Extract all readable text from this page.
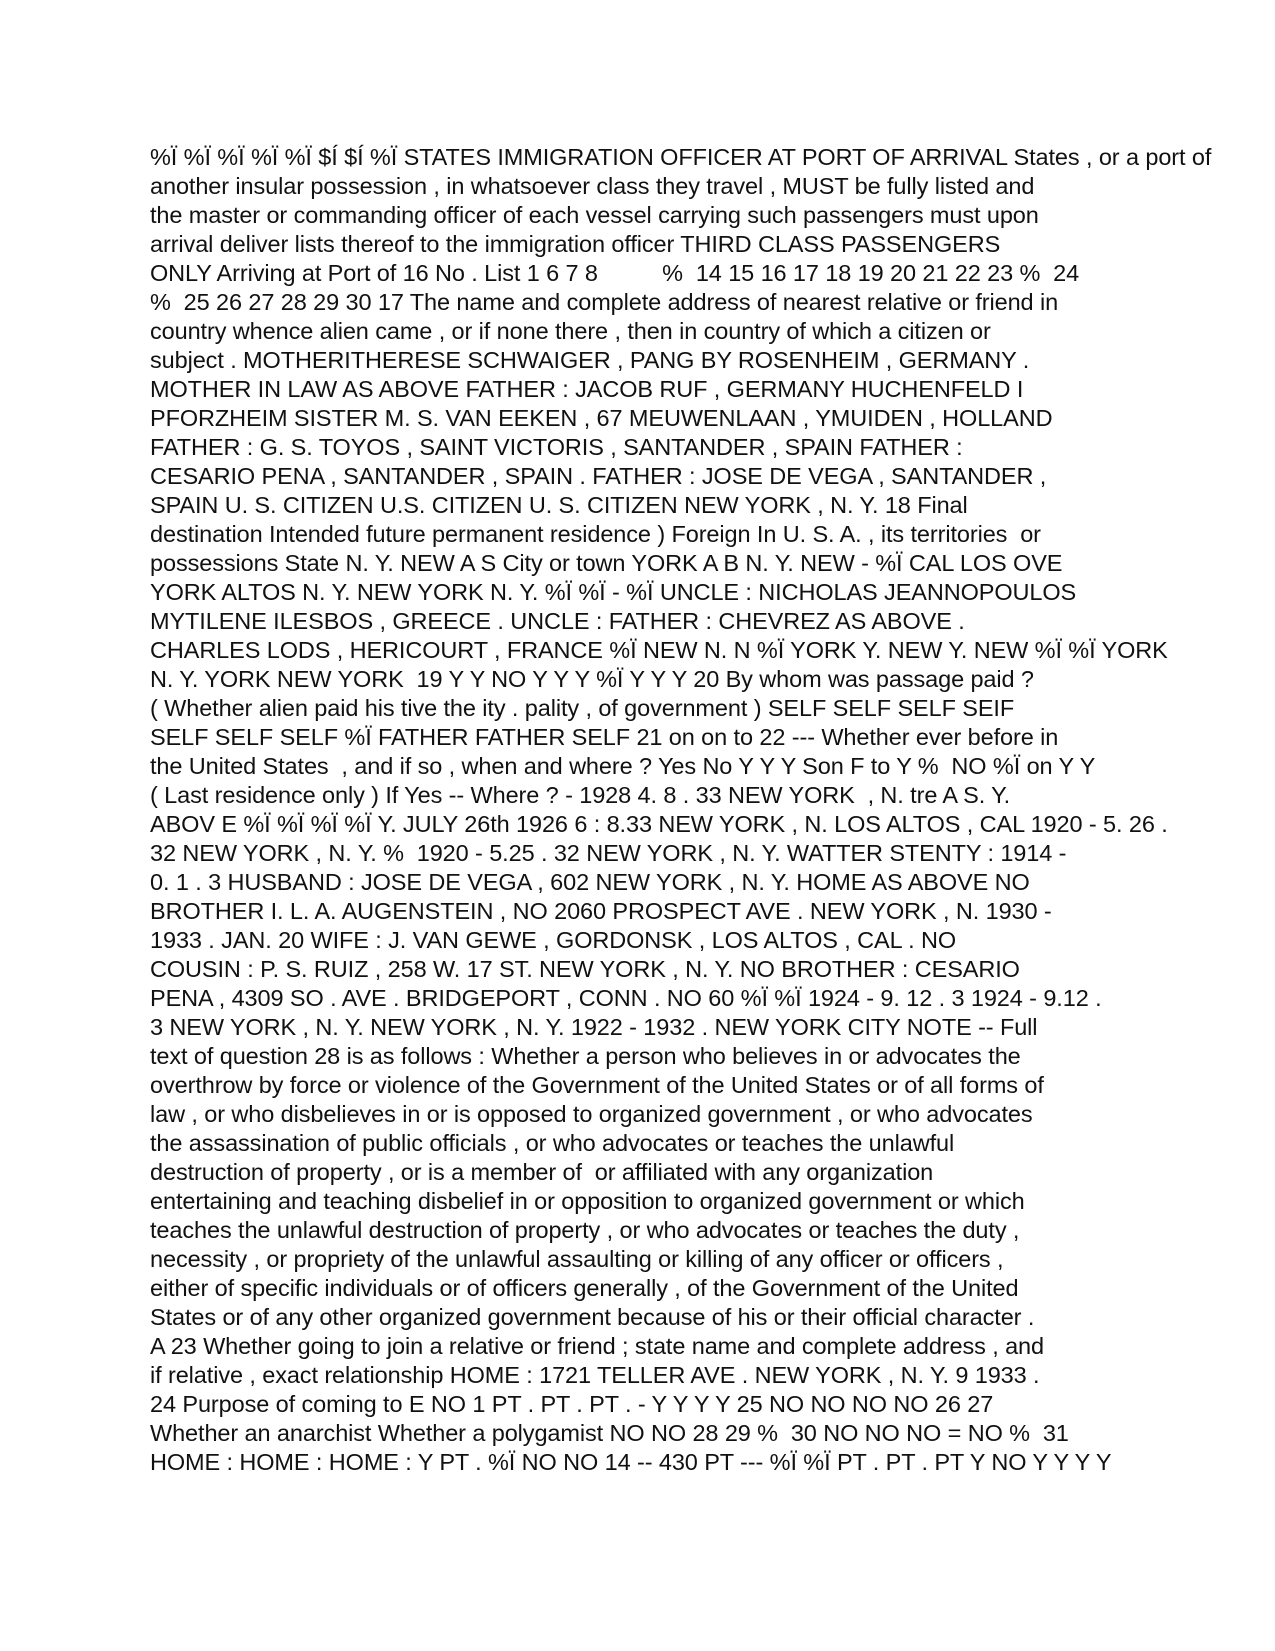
%Ï %Ï %Ï %Ï %Ï $Í $Í %Ï STATES IMMIGRATION OFFICER AT PORT OF ARRIVAL States , or a port of
another insular possession , in whatsoever class they travel , MUST be fully listed and
the master or commanding officer of each vessel carrying such passengers must upon
arrival deliver lists thereof to the immigration officer THIRD CLASS PASSENGERS
ONLY Arriving at Port of 16 No . List 1 6 7 8          %  14 15 16 17 18 19 20 21 22 23 %  24
%  25 26 27 28 29 30 17 The name and complete address of nearest relative or friend in
country whence alien came , or if none there , then in country of which a citizen or
subject . MOTHERITHERESE SCHWAIGER , PANG BY ROSENHEIM , GERMANY .
MOTHER IN LAW AS ABOVE FATHER : JACOB RUF , GERMANY HUCHENFELD I
PFORZHEIM SISTER M. S. VAN EEKEN , 67 MEUWENLAAN , YMUIDEN , HOLLAND
FATHER : G. S. TOYOS , SAINT VICTORIS , SANTANDER , SPAIN FATHER :
CESARIO PENA , SANTANDER , SPAIN . FATHER : JOSE DE VEGA , SANTANDER ,
SPAIN U. S. CITIZEN U.S. CITIZEN U. S. CITIZEN NEW YORK , N. Y. 18 Final
destination Intended future permanent residence ) Foreign In U. S. A. , its territories  or
possessions State N. Y. NEW A S City or town YORK A B N. Y. NEW - %Ï CAL LOS OVE
YORK ALTOS N. Y. NEW YORK N. Y. %Ï %Ï - %Ï UNCLE : NICHOLAS JEANNOPOULOS
MYTILENE ILESBOS , GREECE . UNCLE : FATHER : CHEVREZ AS ABOVE .
CHARLES LODS , HERICOURT , FRANCE %Ï NEW N. N %Ï YORK Y. NEW Y. NEW %Ï %Ï YORK
N. Y. YORK NEW YORK  19 Y Y NO Y Y Y %Ï Y Y Y 20 By whom was passage paid ?
( Whether alien paid his tive the ity . pality , of government ) SELF SELF SELF SEIF
SELF SELF SELF %Ï FATHER FATHER SELF 21 on on to 22 --- Whether ever before in
the United States  , and if so , when and where ? Yes No Y Y Y Son F to Y %  NO %Ï on Y Y
( Last residence only ) If Yes -- Where ? - 1928 4. 8 . 33 NEW YORK  , N. tre A S. Y.
ABOV E %Ï %Ï %Ï %Ï Y. JULY 26th 1926 6 : 8.33 NEW YORK , N. LOS ALTOS , CAL 1920 - 5. 26 .
32 NEW YORK , N. Y. %  1920 - 5.25 . 32 NEW YORK , N. Y. WATTER STENTY : 1914 -
0. 1 . 3 HUSBAND : JOSE DE VEGA , 602 NEW YORK , N. Y. HOME AS ABOVE NO
BROTHER I. L. A. AUGENSTEIN , NO 2060 PROSPECT AVE . NEW YORK , N. 1930 -
1933 . JAN. 20 WIFE : J. VAN GEWE , GORDONSK , LOS ALTOS , CAL . NO
COUSIN : P. S. RUIZ , 258 W. 17 ST. NEW YORK , N. Y. NO BROTHER : CESARIO
PENA , 4309 SO . AVE . BRIDGEPORT , CONN . NO 60 %Ï %Ï 1924 - 9. 12 . 3 1924 - 9.12 .
3 NEW YORK , N. Y. NEW YORK , N. Y. 1922 - 1932 . NEW YORK CITY NOTE -- Full
text of question 28 is as follows : Whether a person who believes in or advocates the
overthrow by force or violence of the Government of the United States or of all forms of
law , or who disbelieves in or is opposed to organized government , or who advocates
the assassination of public officials , or who advocates or teaches the unlawful
destruction of property , or is a member of  or affiliated with any organization
entertaining and teaching disbelief in or opposition to organized government or which
teaches the unlawful destruction of property , or who advocates or teaches the duty ,
necessity , or propriety of the unlawful assaulting or killing of any officer or officers ,
either of specific individuals or of officers generally , of the Government of the United
States or of any other organized government because of his or their official character .
A 23 Whether going to join a relative or friend ; state name and complete address , and
if relative , exact relationship HOME : 1721 TELLER AVE . NEW YORK , N. Y. 9 1933 .
24 Purpose of coming to E NO 1 PT . PT . PT . - Y Y Y Y 25 NO NO NO NO 26 27
Whether an anarchist Whether a polygamist NO NO 28 29 %  30 NO NO NO = NO %  31
HOME : HOME : HOME : Y PT . %Ï NO NO 14 -- 430 PT --- %Ï %Ï PT . PT . PT Y NO Y Y Y Y
